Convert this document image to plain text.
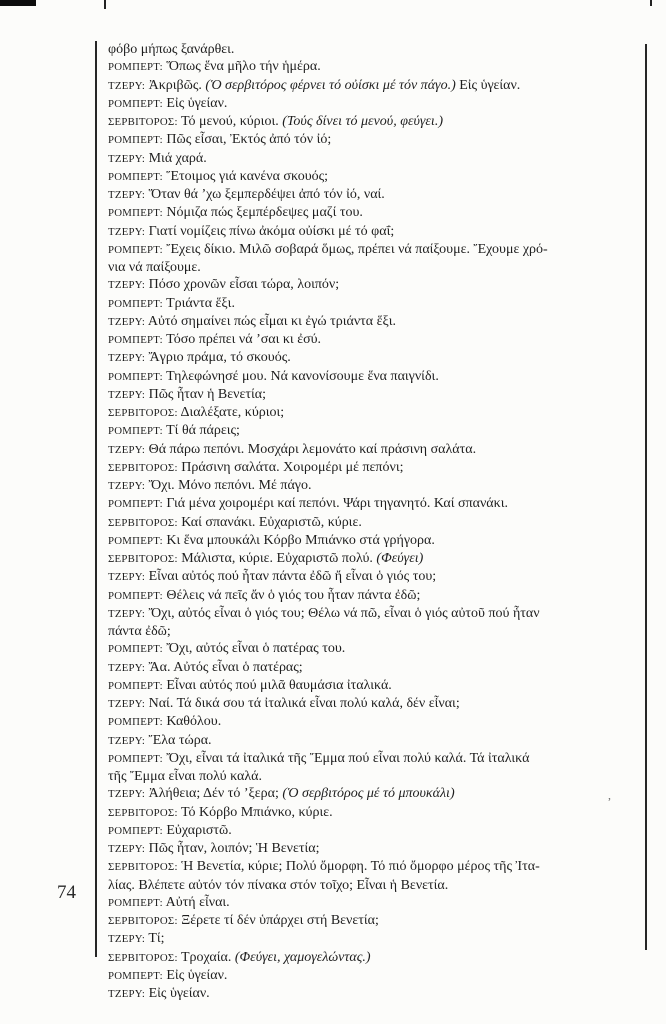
74
,
φόβο μήπως ξανάρθει.
ΡΟΜΠΕΡΤ: Ὅπως ἕνα μῆλο τήν ἡμέρα.
ΤΖΕΡΥ: Ἀκριβῶς. (Ὁ σερβιτόρος φέρνει τό οὐίσκι μέ τόν πάγο.) Εἰς ὑγείαν.
ΡΟΜΠΕΡΤ: Εἰς ὑγείαν.
ΣΕΡΒΙΤΟΡΟΣ: Τό μενού, κύριοι. (Τούς δίνει τό μενού, φεύγει.)
ΡΟΜΠΕΡΤ: Πῶς εἶσαι, Ἐκτός ἀπό τόν ἰό;
ΤΖΕΡΥ: Μιά χαρά.
ΡΟΜΠΕΡΤ: Ἕτοιμος γιά κανένα σκουός;
ΤΖΕΡΥ: Ὅταν θά ’χω ξεμπερδέψει ἀπό τόν ἰό, ναί.
ΡΟΜΠΕΡΤ: Νόμιζα πώς ξεμπέρδεψες μαζί του.
ΤΖΕΡΥ: Γιατί νομίζεις πίνω ἀκόμα οὐίσκι μέ τό φαΐ;
ΡΟΜΠΕΡΤ: Ἔχεις δίκιο. Μιλῶ σοβαρά ὅμως, πρέπει νά παίξουμε. Ἔχουμε χρό-
νια νά παίξουμε.
ΤΖΕΡΥ: Πόσο χρονῶν εἶσαι τώρα, λοιπόν;
ΡΟΜΠΕΡΤ: Τριάντα ἕξι.
ΤΖΕΡΥ: Αὐτό σημαίνει πώς εἶμαι κι ἐγώ τριάντα ἕξι.
ΡΟΜΠΕΡΤ: Τόσο πρέπει νά ’σαι κι ἐσύ.
ΤΖΕΡΥ: Ἄγριο πράμα, τό σκουός.
ΡΟΜΠΕΡΤ: Τηλεφώνησέ μου. Νά κανονίσουμε ἕνα παιγνίδι.
ΤΖΕΡΥ: Πῶς ἦταν ἡ Βενετία;
ΣΕΡΒΙΤΟΡΟΣ: Διαλέξατε, κύριοι;
ΡΟΜΠΕΡΤ: Τί θά πάρεις;
ΤΖΕΡΥ: Θά πάρω πεπόνι. Μοσχάρι λεμονάτο καί πράσινη σαλάτα.
ΣΕΡΒΙΤΟΡΟΣ: Πράσινη σαλάτα. Χοιρομέρι μέ πεπόνι;
ΤΖΕΡΥ: Ὄχι. Μόνο πεπόνι. Μέ πάγο.
ΡΟΜΠΕΡΤ: Γιά μένα χοιρομέρι καί πεπόνι. Ψάρι τηγανητό. Καί σπανάκι.
ΣΕΡΒΙΤΟΡΟΣ: Καί σπανάκι. Εὐχαριστῶ, κύριε.
ΡΟΜΠΕΡΤ: Κι ἕνα μπουκάλι Κόρβο Μπιάνκο στά γρήγορα.
ΣΕΡΒΙΤΟΡΟΣ: Μάλιστα, κύριε. Εὐχαριστῶ πολύ. (Φεύγει)
ΤΖΕΡΥ: Εἶναι αὐτός πού ἦταν πάντα ἐδῶ ἤ εἶναι ὁ γιός του;
ΡΟΜΠΕΡΤ: Θέλεις νά πεῖς ἄν ὁ γιός του ἦταν πάντα ἐδῶ;
ΤΖΕΡΥ: Ὄχι, αὐτός εἶναι ὁ γιός του; Θέλω νά πῶ, εἶναι ὁ γιός αὐτοῦ πού ἦταν
πάντα ἐδῶ;
ΡΟΜΠΕΡΤ: Ὄχι, αὐτός εἶναι ὁ πατέρας του.
ΤΖΕΡΥ: Ἄα. Αὐτός εἶναι ὁ πατέρας;
ΡΟΜΠΕΡΤ: Εἶναι αὐτός πού μιλᾶ θαυμάσια ἰταλικά.
ΤΖΕΡΥ: Ναί. Τά δικά σου τά ἰταλικά εἶναι πολύ καλά, δέν εἶναι;
ΡΟΜΠΕΡΤ: Καθόλου.
ΤΖΕΡΥ: Ἔλα τώρα.
ΡΟΜΠΕΡΤ: Ὄχι, εἶναι τά ἰταλικά τῆς Ἔμμα πού εἶναι πολύ καλά. Τά ἰταλικά
τῆς Ἔμμα εἶναι πολύ καλά.
ΤΖΕΡΥ: Ἀλήθεια; Δέν τό ’ξερα; (Ὁ σερβιτόρος μέ τό μπουκάλι)
ΣΕΡΒΙΤΟΡΟΣ: Τό Κόρβο Μπιάνκο, κύριε.
ΡΟΜΠΕΡΤ: Εὐχαριστῶ.
ΤΖΕΡΥ: Πῶς ἦταν, λοιπόν; Ἡ Βενετία;
ΣΕΡΒΙΤΟΡΟΣ: Ἡ Βενετία, κύριε; Πολύ ὄμορφη. Τό πιό ὄμορφο μέρος τῆς Ἰτα-
λίας. Βλέπετε αὐτόν τόν πίνακα στόν τοῖχο; Εἶναι ἡ Βενετία.
ΡΟΜΠΕΡΤ: Αὐτή εἶναι.
ΣΕΡΒΙΤΟΡΟΣ: Ξέρετε τί δέν ὑπάρχει στή Βενετία;
ΤΖΕΡΥ: Τί;
ΣΕΡΒΙΤΟΡΟΣ: Τροχαία. (Φεύγει, χαμογελώντας.)
ΡΟΜΠΕΡΤ: Εἰς ὑγείαν.
ΤΖΕΡΥ: Εἰς ὑγείαν.
